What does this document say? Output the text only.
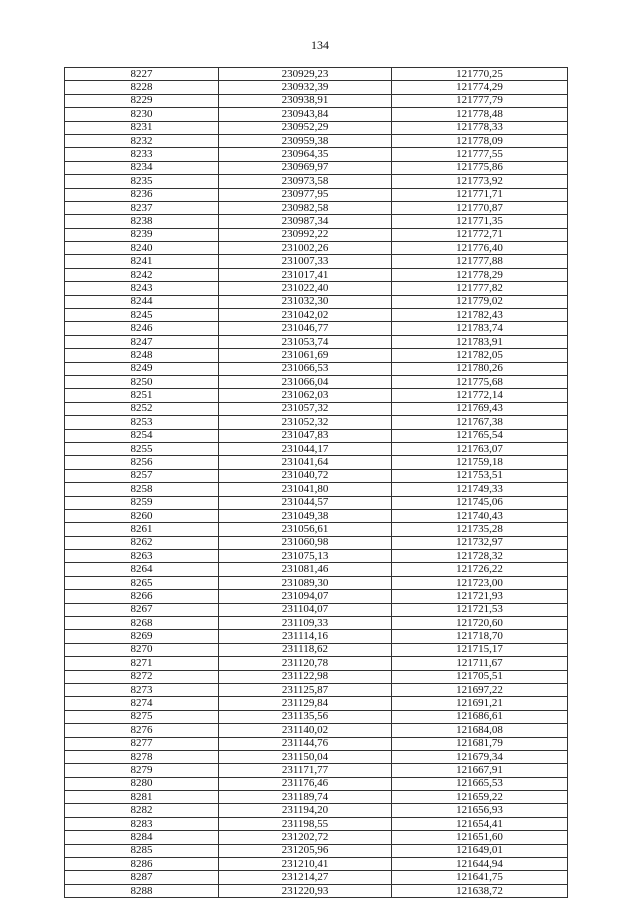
134
8227	230929,23	121770,25
8228	230932,39	121774,29
8229	230938,91	121777,79
8230	230943,84	121778,48
8231	230952,29	121778,33
8232	230959,38	121778,09
8233	230964,35	121777,55
8234	230969,97	121775,86
8235	230973,58	121773,92
8236	230977,95	121771,71
8237	230982,58	121770,87
8238	230987,34	121771,35
8239	230992,22	121772,71
8240	231002,26	121776,40
8241	231007,33	121777,88
8242	231017,41	121778,29
8243	231022,40	121777,82
8244	231032,30	121779,02
8245	231042,02	121782,43
8246	231046,77	121783,74
8247	231053,74	121783,91
8248	231061,69	121782,05
8249	231066,53	121780,26
8250	231066,04	121775,68
8251	231062,03	121772,14
8252	231057,32	121769,43
8253	231052,32	121767,38
8254	231047,83	121765,54
8255	231044,17	121763,07
8256	231041,64	121759,18
8257	231040,72	121753,51
8258	231041,80	121749,33
8259	231044,57	121745,06
8260	231049,38	121740,43
8261	231056,61	121735,28
8262	231060,98	121732,97
8263	231075,13	121728,32
8264	231081,46	121726,22
8265	231089,30	121723,00
8266	231094,07	121721,93
8267	231104,07	121721,53
8268	231109,33	121720,60
8269	231114,16	121718,70
8270	231118,62	121715,17
8271	231120,78	121711,67
8272	231122,98	121705,51
8273	231125,87	121697,22
8274	231129,84	121691,21
8275	231135,56	121686,61
8276	231140,02	121684,08
8277	231144,76	121681,79
8278	231150,04	121679,34
8279	231171,77	121667,91
8280	231176,46	121665,53
8281	231189,74	121659,22
8282	231194,20	121656,93
8283	231198,55	121654,41
8284	231202,72	121651,60
8285	231205,96	121649,01
8286	231210,41	121644,94
8287	231214,27	121641,75
8288	231220,93	121638,72
